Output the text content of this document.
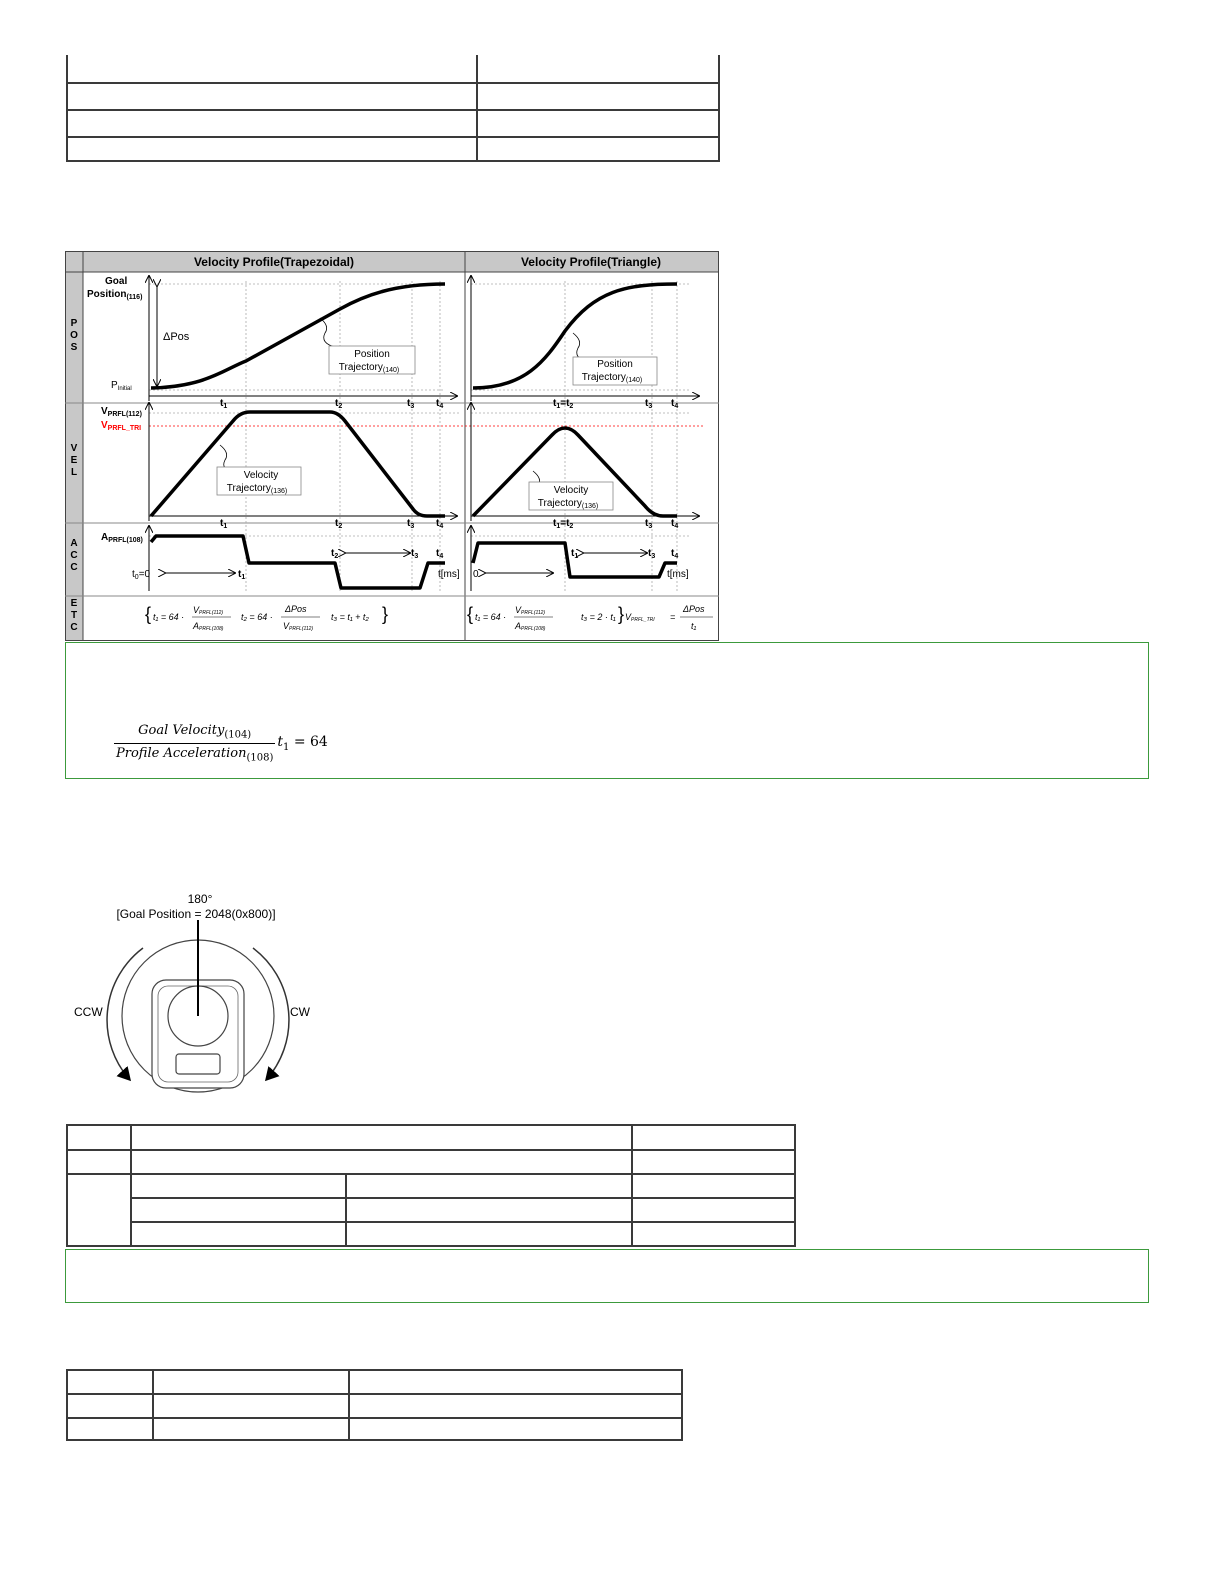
Velocity Profile(Trapezoidal)	Velocity Profile(Triangle)
P O S
V E L
A C C
E T C
Position
Trajectory$_{(140)}$
Position
Trajectory$_{(140)}$
Velocity
Trajectory$_{(136)}$	Velocity
Trajectory$_{(136)}$
Goal
Position$_{(116)}$
$V_{PRFL(112)}$
$V_{PRFL\_TRI}$
$A_{PRFL(108)}$
ΔPos
$P_{Initial}$
$t_1$	$t_2$	$t_3$ $t_4$
$t_1$	$t_2$	$t_3$ $t_4$
$t_1$
$t_2$	$t_3$ $t_4$
$t_1=t_2$	$t_3$ $t_4$
$t_1=t_2$	$t_3$ $t_4$
$t_1$	$t_3$ $t_4$
$t_0=0$	0
t[ms]	t[ms]
{ t₁ = 64 ·
VPRFL(112)
APRFL(108)
t₂ = 64 ·
ΔPos
VPRFL(112)
t₃ = t₁ + t₂ }	{ t₁ = 64 ·
VPRFL(112)
APRFL(108)
t₃ = 2 · t₁ } VPRFL_TRI =
ΔPos
t₁
Goal Velocity$_{(104)}$
Profile Acceleration$_{(108)}$
$t_1 = 64$
180°
[Goal Position = 2048(0x800)]
CCW	CW
